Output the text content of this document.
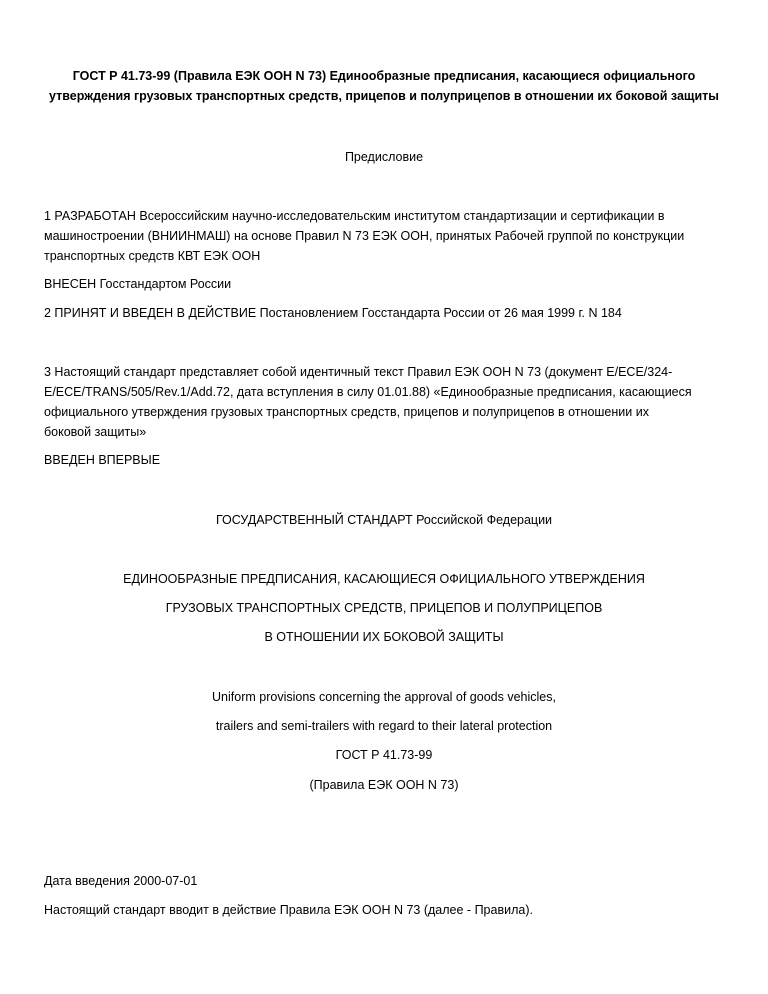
ГОСТ Р 41.73-99 (Правила ЕЭК ООН N 73) Единообразные предписания, касающиеся официального
утверждения грузовых транспортных средств, прицепов и полуприцепов в отношении их боковой защиты

Предисловие

1 РАЗРАБОТАН Всероссийским научно-исследовательским институтом стандартизации и сертификации в
машиностроении (ВНИИНМАШ) на основе Правил N 73 ЕЭК ООН, принятых Рабочей группой по конструкции
транспортных средств КВТ ЕЭК ООН

ВНЕСЕН Госстандартом России

2 ПРИНЯТ И ВВЕДЕН В ДЕЙСТВИЕ Постановлением Госстандарта России от 26 мая 1999 г. N 184

3 Настоящий стандарт представляет собой идентичный текст Правил ЕЭК ООН N 73 (документ E/ECE/324-
E/ECE/TRANS/505/Rev.1/Add.72, дата вступления в силу 01.01.88) «Единообразные предписания, касающиеся
официального утверждения грузовых транспортных средств, прицепов и полуприцепов в отношении их
боковой защиты»

ВВЕДЕН ВПЕРВЫЕ

ГОСУДАРСТВЕННЫЙ СТАНДАРТ Российской Федерации

ЕДИНООБРАЗНЫЕ ПРЕДПИСАНИЯ, КАСАЮЩИЕСЯ ОФИЦИАЛЬНОГО УТВЕРЖДЕНИЯ

ГРУЗОВЫХ ТРАНСПОРТНЫХ СРЕДСТВ, ПРИЦЕПОВ И ПОЛУПРИЦЕПОВ

В ОТНОШЕНИИ ИХ БОКОВОЙ ЗАЩИТЫ

Uniform provisions concerning the approval of goods vehicles,

trailers and semi-trailers with regard to their lateral protection

ГОСТ Р 41.73-99

(Правила ЕЭК ООН N 73)

Дата введения 2000-07-01

Настоящий стандарт вводит в действие Правила ЕЭК ООН N 73 (далее - Правила).
